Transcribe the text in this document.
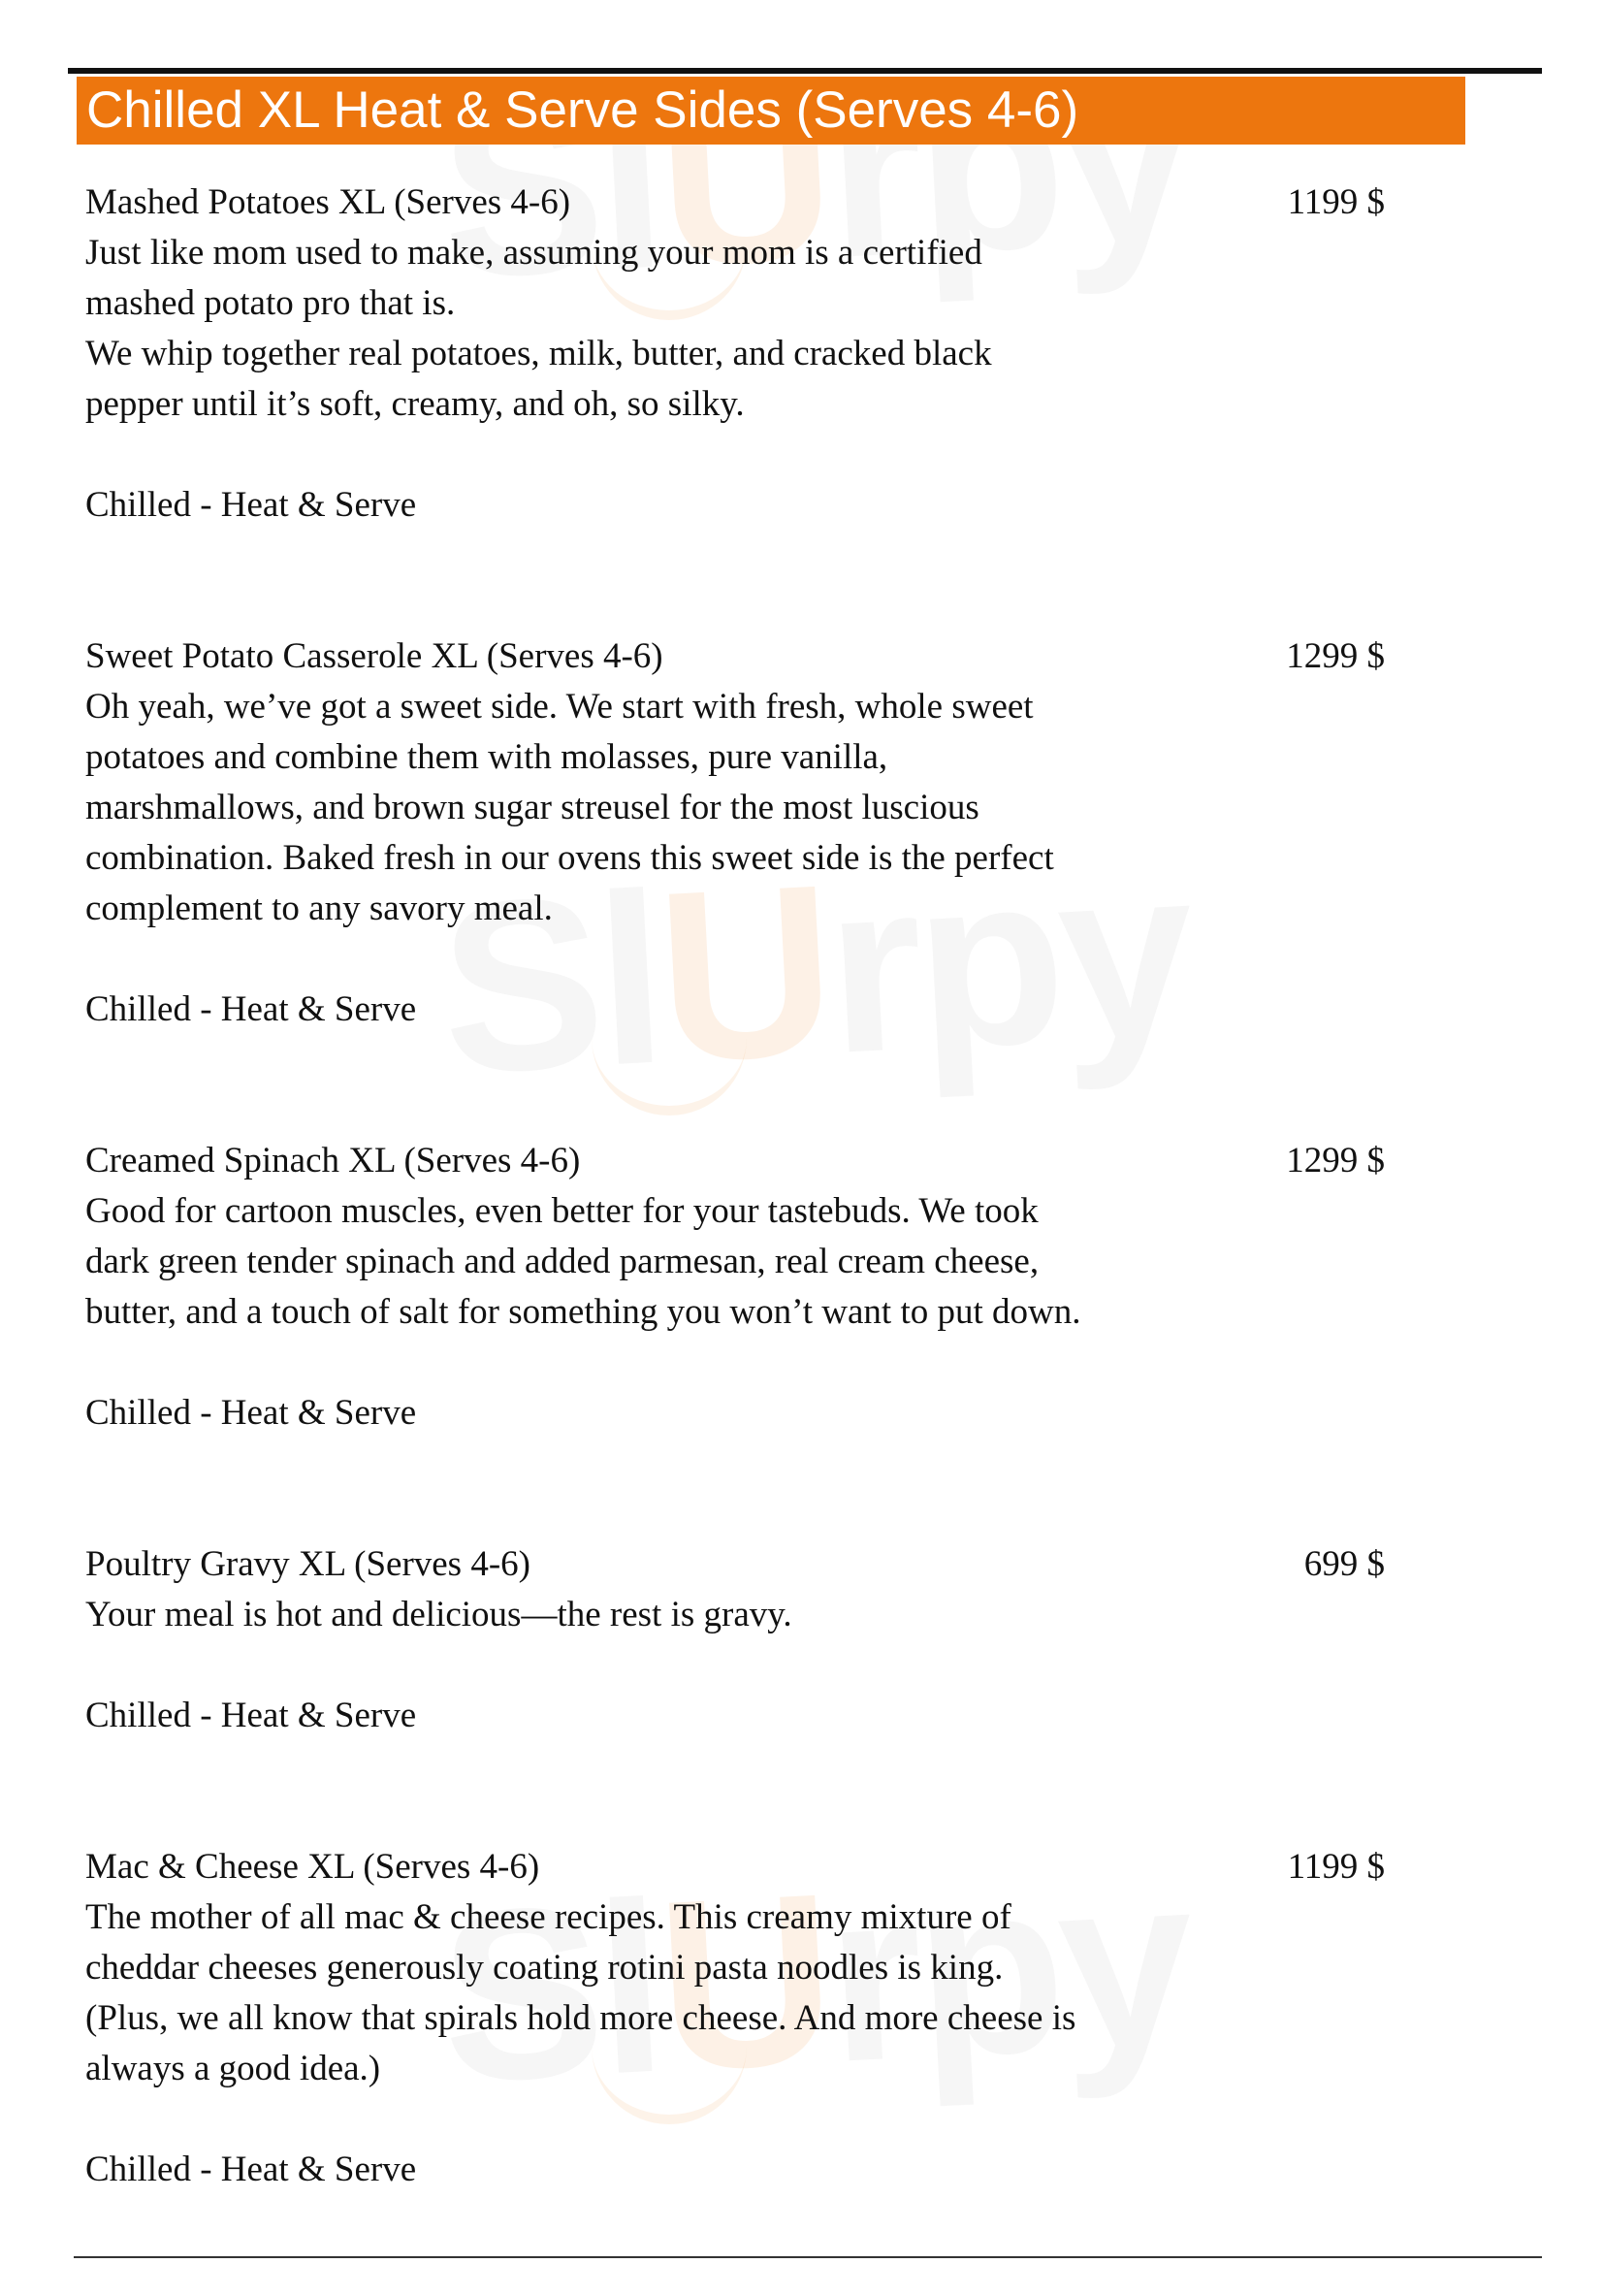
SlUrpy
SlUrpy
SlUrpy
Chilled XL Heat & Serve Sides (Serves 4-6)

Mashed Potatoes XL (Serves 4-6)	1199 $

Just like mom used to make, assuming your mom is a certified
mashed potato pro that is.
We whip together real potatoes, milk, butter, and cracked black
pepper until it’s soft, creamy, and oh, so silky.

Chilled - Heat & Serve

Sweet Potato Casserole XL (Serves 4-6)	1299 $

Oh yeah, we’ve got a sweet side. We start with fresh, whole sweet
potatoes and combine them with molasses, pure vanilla,
marshmallows, and brown sugar streusel for the most luscious
combination. Baked fresh in our ovens this sweet side is the perfect
complement to any savory meal.

Chilled - Heat & Serve

Creamed Spinach XL (Serves 4-6)	1299 $

Good for cartoon muscles, even better for your tastebuds. We took
dark green tender spinach and added parmesan, real cream cheese,
butter, and a touch of salt for something you won’t want to put down.

Chilled - Heat & Serve

Poultry Gravy XL (Serves 4-6)	699 $

Your meal is hot and delicious—the rest is gravy.

Chilled - Heat & Serve

Mac & Cheese XL (Serves 4-6)	1199 $

The mother of all mac & cheese recipes. This creamy mixture of
cheddar cheeses generously coating rotini pasta noodles is king.
(Plus, we all know that spirals hold more cheese. And more cheese is
always a good idea.)

Chilled - Heat & Serve
